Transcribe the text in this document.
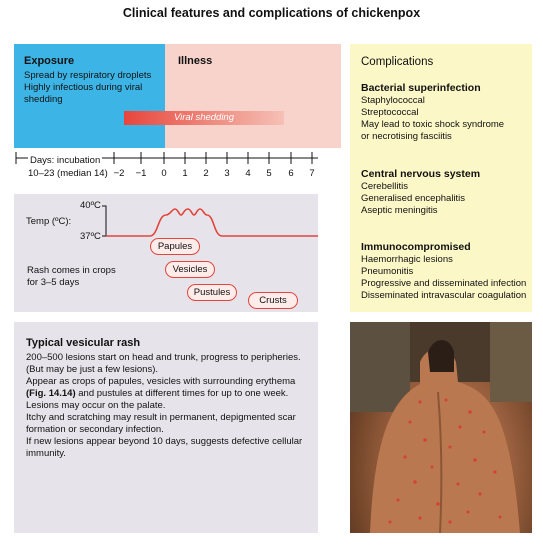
Clinical features and complications of chickenpox
Exposure
Spread by respiratory droplets
Highly infectious during viral
shedding
Illness
Viral shedding
Days: incubation
10–23 (median 14) −2	−1	0	1	2	3	4	5	6	7
40ºC
37ºC
Temp (ºC):
Rash comes in crops
for 3–5 days
Papules
Vesicles
Pustules
Crusts
Complications
Bacterial superinfection
Staphylococcal
Streptococcal
May lead to toxic shock syndrome
or necrotising fasciitis
Central nervous system
Cerebellitis
Generalised encephalitis
Aseptic meningitis
Immunocompromised
Haemorrhagic lesions
Pneumonitis
Progressive and disseminated infection
Disseminated intravascular coagulation
Typical vesicular rash
200–500 lesions start on head and trunk, progress to peripheries.
(But may be just a few lesions).
Appear as crops of papules, vesicles with surrounding erythema
(Fig. 14.14) and pustules at different times for up to one week.
Lesions may occur on the palate.
Itchy and scratching may result in permanent, depigmented scar
formation or secondary infection.
If new lesions appear beyond 10 days, suggests defective cellular
immunity.
